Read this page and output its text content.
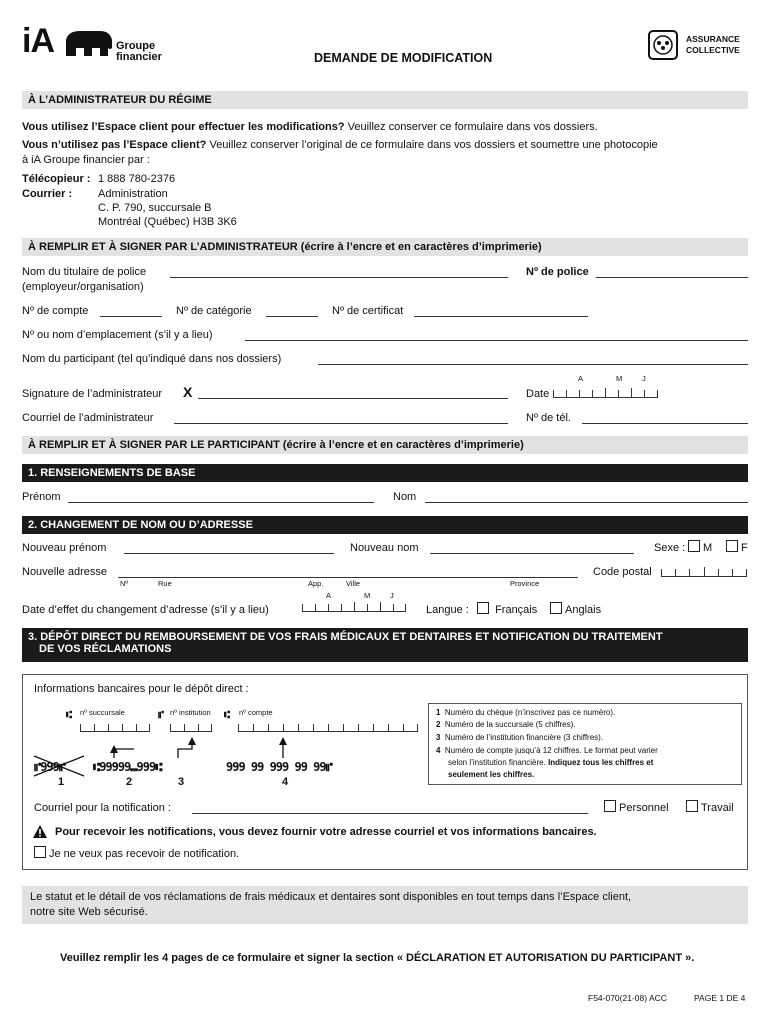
iA	Groupe
financier	DEMANDE DE MODIFICATION
ASSURANCE
COLLECTIVE
À L’ADMINISTRATEUR DU RÉGIME
Vous utilisez l’Espace client pour effectuer les modifications? Veuillez conserver ce formulaire dans vos dossiers.
Vous n’utilisez pas l’Espace client? Veuillez conserver l’original de ce formulaire dans vos dossiers et soumettre une photocopie
à iA Groupe financier par :
Télécopieur : 1 888 780-2376
Courrier : Administration
C. P. 790, succursale B
Montréal (Québec) H3B 3K6
À REMPLIR ET À SIGNER PAR L’ADMINISTRATEUR (écrire à l’encre et en caractères d’imprimerie)
Nom du titulaire de police
(employeur/organisation)
Nº de police
Nº de compte	Nº de catégorie	Nº de certificat
Nº ou nom d’emplacement (s’il y a lieu)
Nom du participant (tel qu’indiqué dans nos dossiers)
Signature de l’administrateur X	Date
A	M	J
Courriel de l’administrateur	Nº de tél.
À REMPLIR ET À SIGNER PAR LE PARTICIPANT (écrire à l’encre et en caractères d’imprimerie)
1. RENSEIGNEMENTS DE BASE
Prénom	Nom
2. CHANGEMENT DE NOM OU D’ADRESSE
Nouveau prénom	Nouveau nom	Sexe :	M	F
Nouvelle adresse
Nº	Rue	App.	Ville	Province
Code postal
A	M	J
Date d’effet du changement d’adresse (s’il y a lieu)	Langue :	Français	Anglais
3. DÉPÔT DIRECT DU REMBOURSEMENT DE VOS FRAIS MÉDICAUX ET DENTAIRES ET NOTIFICATION DU TRAITEMENT
DE VOS RÉCLAMATIONS
Informations bancaires pour le dépôt direct :
nº succursale	nº institution	nº compte
⑆	⑈	⑆
⑈999⑈ ⑆99999⑉999⑆	999 99 999 99 99⑈
1	2	3	4
1 Numéro du chèque (n’inscrivez pas ce numéro).
2 Numéro de la succursale (5 chiffres).
3 Numéro de l’institution financière (3 chiffres).
4 Numéro de compte jusqu’à 12 chiffres. Le format peut varier
selon l’institution financière. Indiquez tous les chiffres et
seulement les chiffres.
Courriel pour la notification :	Personnel	Travail
Pour recevoir les notifications, vous devez fournir votre adresse courriel et vos informations bancaires.
Je ne veux pas recevoir de notification.
Le statut et le détail de vos réclamations de frais médicaux et dentaires sont disponibles en tout temps dans l’Espace client,
notre site Web sécurisé.
Veuillez remplir les 4 pages de ce formulaire et signer la section « DÉCLARATION ET AUTORISATION DU PARTICIPANT ».
F54-070(21-08) ACC	PAGE 1 DE 4
